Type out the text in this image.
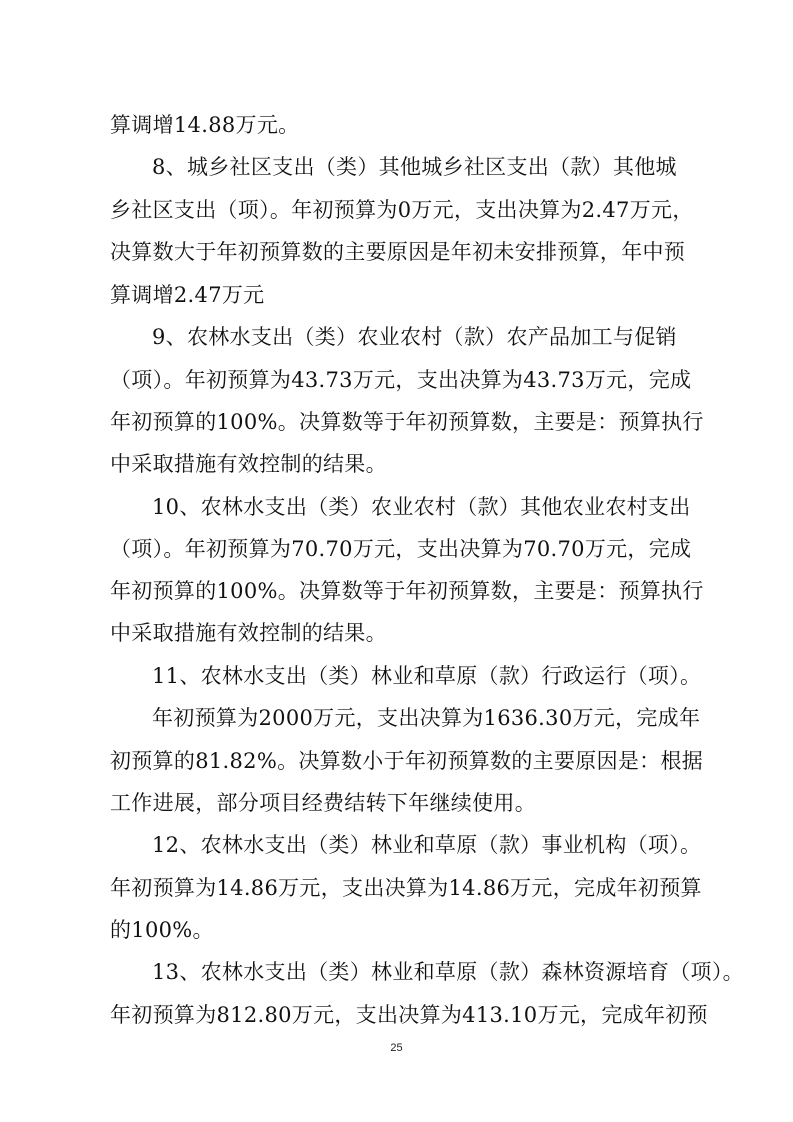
算调增14.88万元。
8、城乡社区支出（类）其他城乡社区支出（款）其他城
乡社区支出（项）。年初预算为0万元，支出决算为2.47万元，
决算数大于年初预算数的主要原因是年初未安排预算，年中预
算调增2.47万元
9、农林水支出（类）农业农村（款）农产品加工与促销
（项）。年初预算为43.73万元，支出决算为43.73万元，完成
年初预算的100%。决算数等于年初预算数，主要是：预算执行
中采取措施有效控制的结果。
10、农林水支出（类）农业农村（款）其他农业农村支出
（项）。年初预算为70.70万元，支出决算为70.70万元，完成
年初预算的100%。决算数等于年初预算数，主要是：预算执行
中采取措施有效控制的结果。
11、农林水支出（类）林业和草原（款）行政运行（项）。
年初预算为2000万元，支出决算为1636.30万元，完成年
初预算的81.82%。决算数小于年初预算数的主要原因是：根据
工作进展，部分项目经费结转下年继续使用。
12、农林水支出（类）林业和草原（款）事业机构（项）。
年初预算为14.86万元，支出决算为14.86万元，完成年初预算
的100%。
13、农林水支出（类）林业和草原（款）森林资源培育（项）。
年初预算为812.80万元，支出决算为413.10万元，完成年初预
25
